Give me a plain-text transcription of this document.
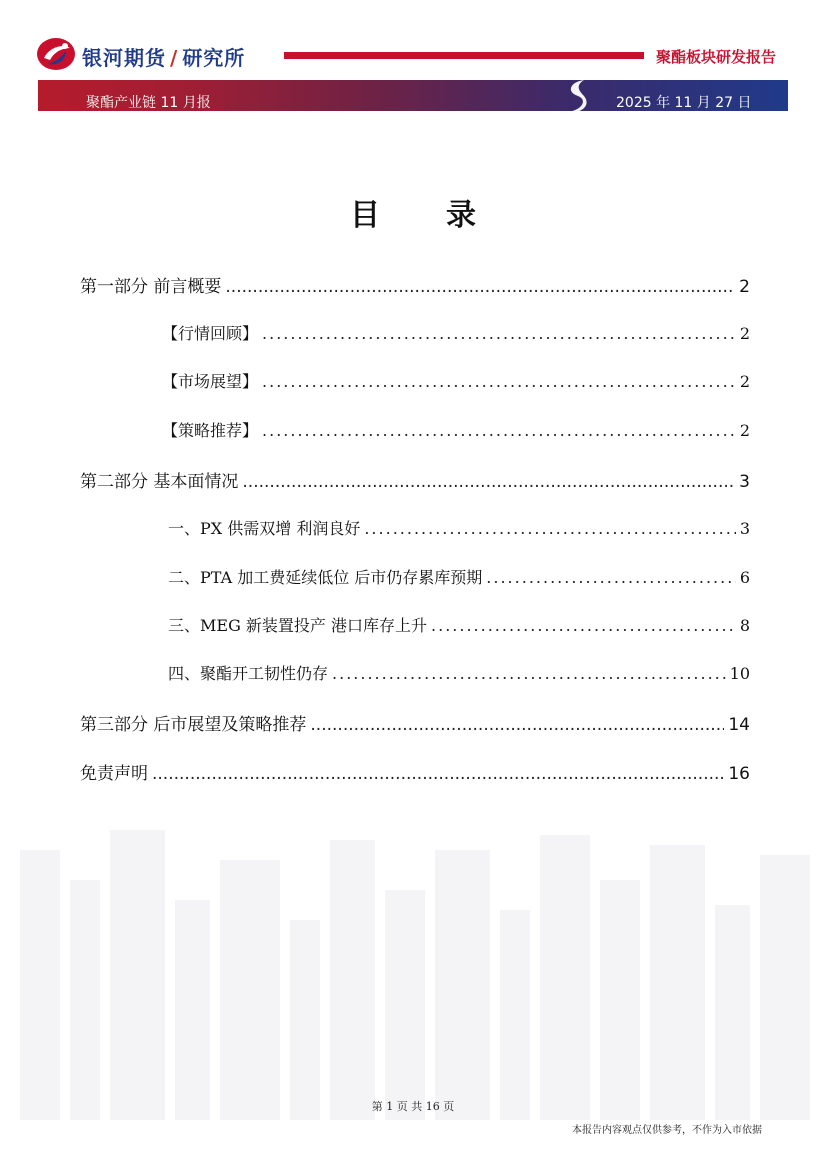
银河期货 / 研究所	聚酯板块研发报告
聚酯产业链 11 月报	2025 年 11 月 27 日
目　录
第一部分 前言概要 .....	2
【行情回顾】 .....	2
【市场展望】 .....	2
【策略推荐】 .....	2
第二部分 基本面情况 .....	3
一、PX 供需双增 利润良好 .....	3
二、PTA 加工费延续低位 后市仍存累库预期 .....	6
三、MEG 新装置投产 港口库存上升 .....	8
四、聚酯开工韧性仍存 .....	10
第三部分 后市展望及策略推荐 .....	14
免责声明 .....	16
第 1 页 共 16 页
本报告内容观点仅供参考，不作为入市依据
